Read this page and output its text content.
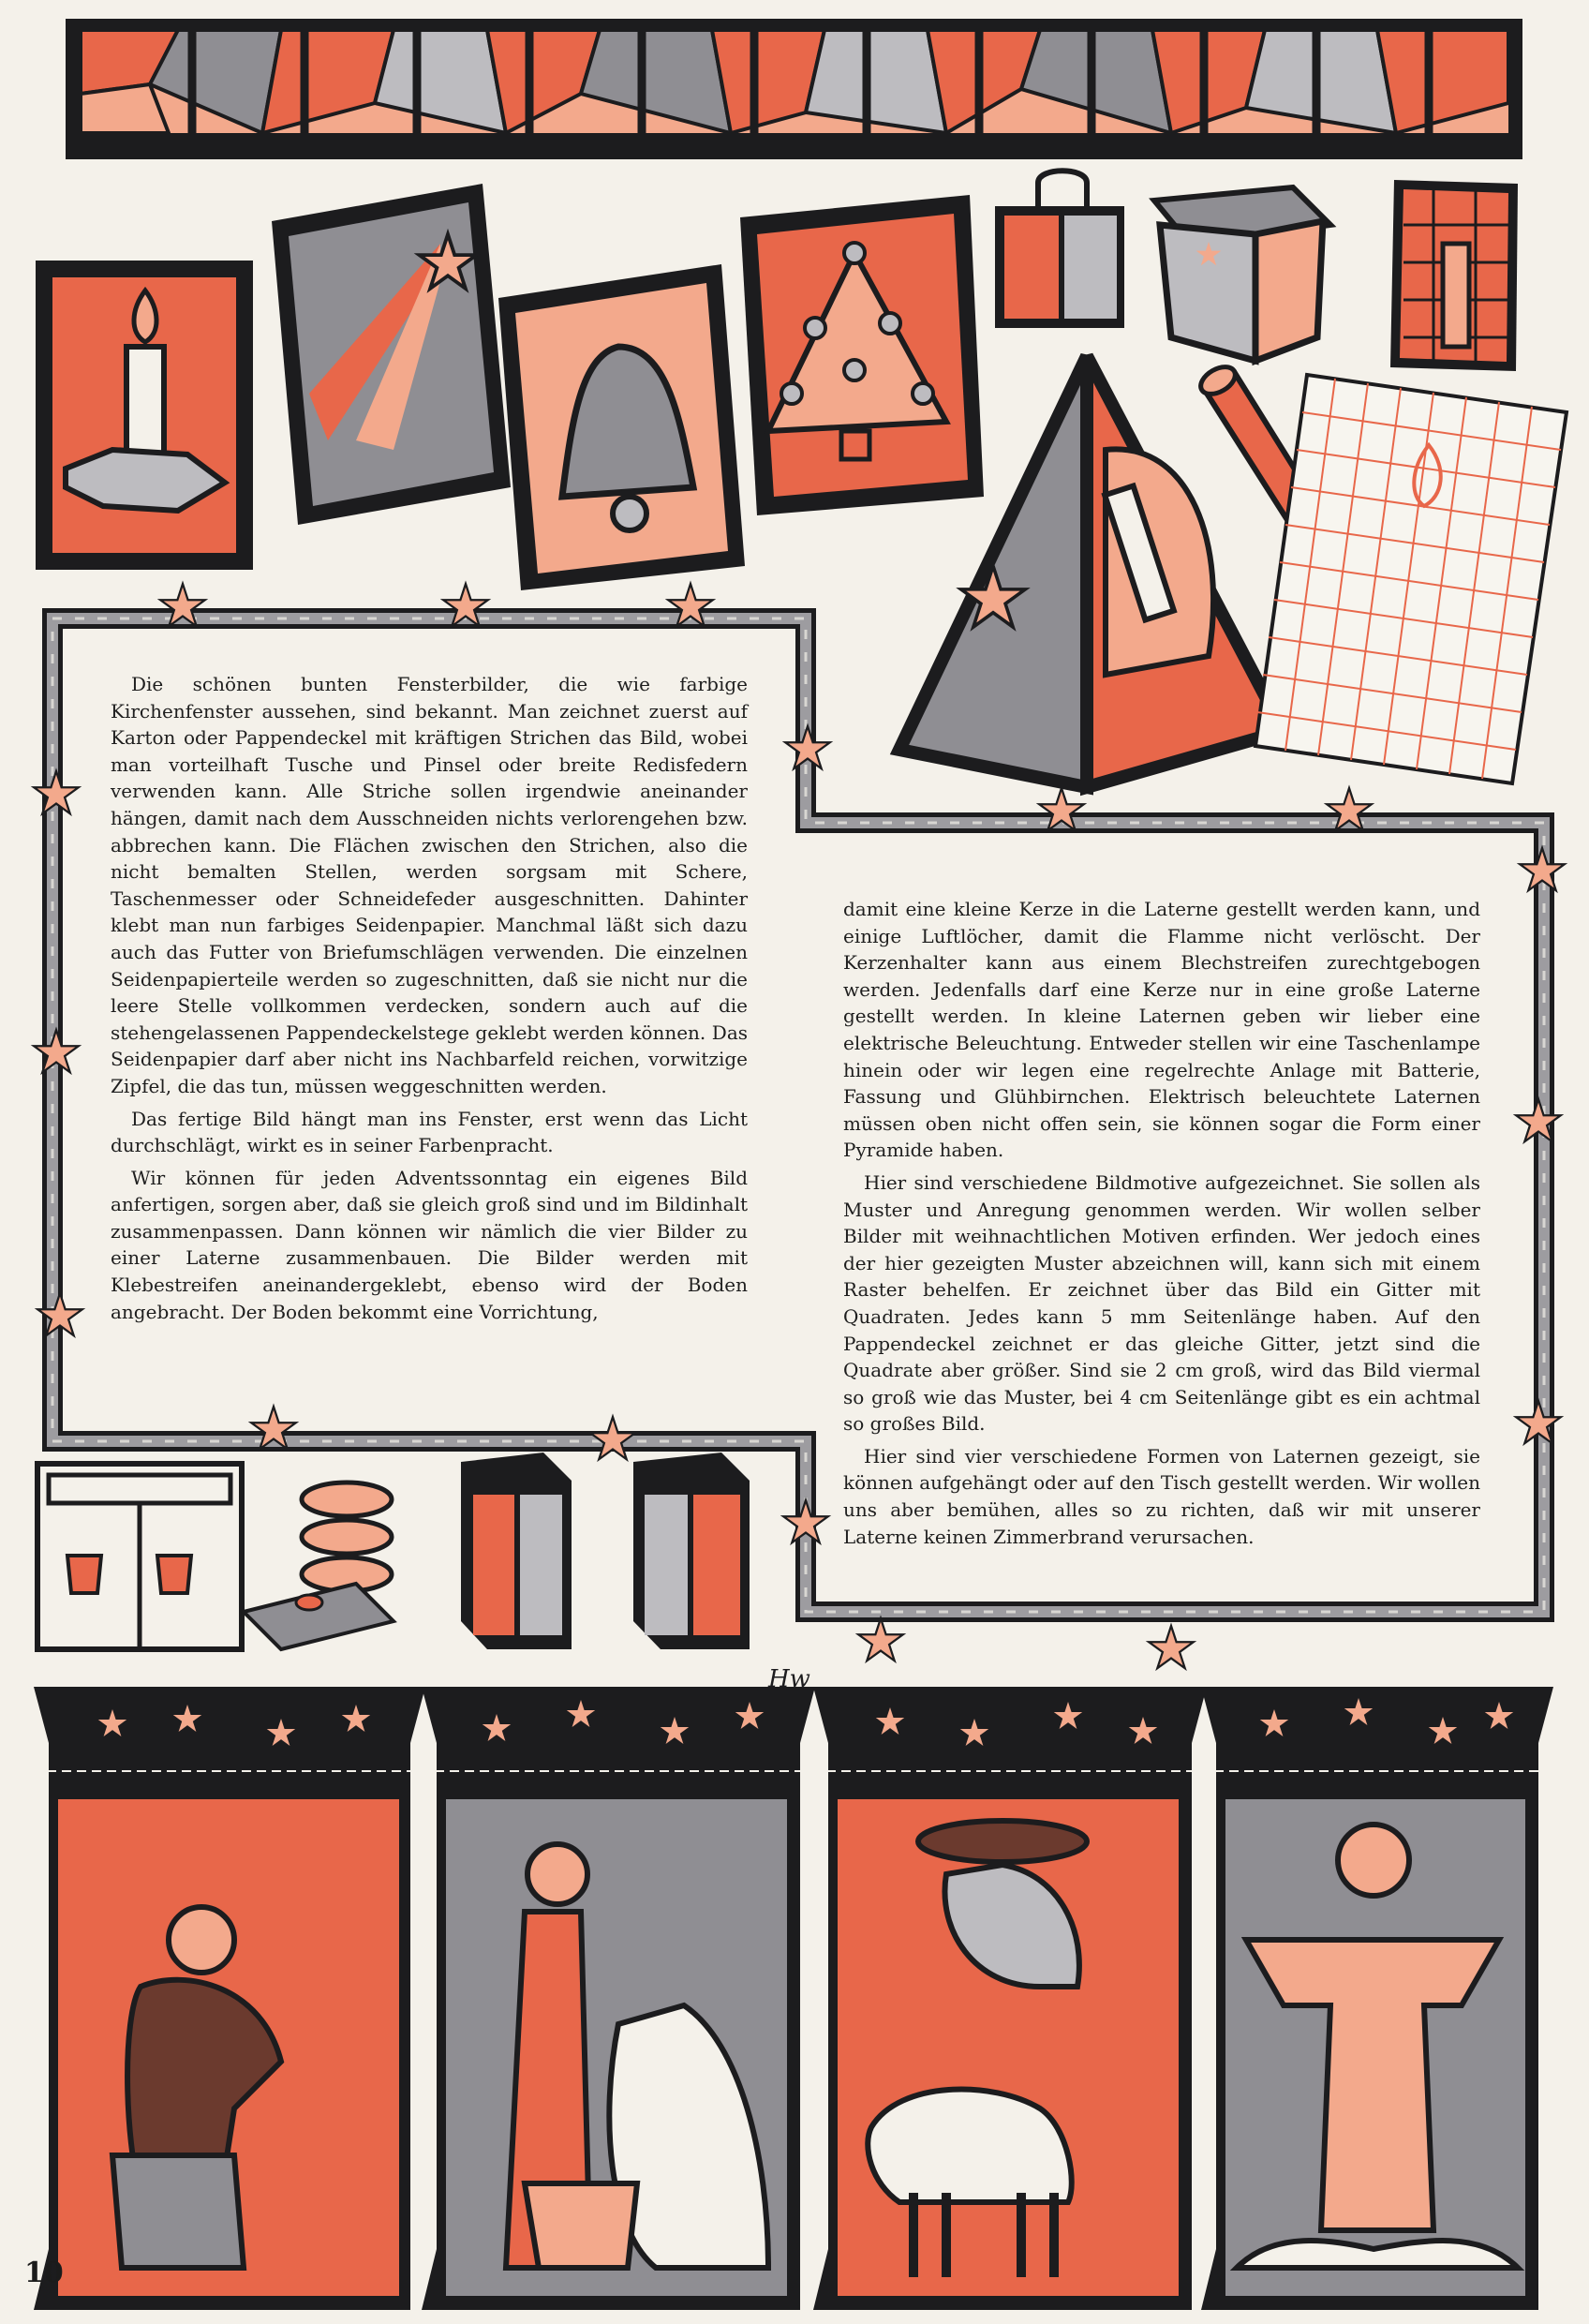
Hw

Die schönen bunten Fensterbilder, die wie farbige Kirchenfenster aussehen, sind bekannt. Man zeichnet zuerst auf Karton oder Pappendeckel mit kräftigen Strichen das Bild, wobei man vorteilhaft Tusche und Pinsel oder breite Redisfedern verwenden kann. Alle Striche sollen irgendwie aneinander hängen, damit nach dem Ausschneiden nichts verlorengehen bzw. abbrechen kann. Die Flächen zwischen den Strichen, also die nicht bemalten Stellen, werden sorgsam mit Schere, Taschenmesser oder Schneidefeder ausgeschnitten. Dahinter klebt man nun farbiges Seidenpapier. Manchmal läßt sich dazu auch das Futter von Briefumschlägen verwenden. Die einzelnen Seidenpapierteile werden so zugeschnitten, daß sie nicht nur die leere Stelle vollkommen verdecken, sondern auch auf die stehengelassenen Pappendeckelstege geklebt werden können. Das Seidenpapier darf aber nicht ins Nachbarfeld reichen, vorwitzige Zipfel, die das tun, müssen weggeschnitten werden.

Das fertige Bild hängt man ins Fenster, erst wenn das Licht durchschlägt, wirkt es in seiner Farbenpracht.

Wir können für jeden Adventssonntag ein eigenes Bild anfertigen, sorgen aber, daß sie gleich groß sind und im Bildinhalt zusammenpassen. Dann können wir nämlich die vier Bilder zu einer Laterne zusammenbauen. Die Bilder werden mit Klebestreifen aneinandergeklebt, ebenso wird der Boden angebracht. Der Boden bekommt eine Vorrichtung,

damit eine kleine Kerze in die Laterne gestellt werden kann, und einige Luftlöcher, damit die Flamme nicht verlöscht. Der Kerzenhalter kann aus einem Blechstreifen zurechtgebogen werden. Jedenfalls darf eine Kerze nur in eine große Laterne gestellt werden. In kleine Laternen geben wir lieber eine elektrische Beleuchtung. Entweder stellen wir eine Taschenlampe hinein oder wir legen eine regelrechte Anlage mit Batterie, Fassung und Glühbirnchen. Elektrisch beleuchtete Laternen müssen oben nicht offen sein, sie können sogar die Form einer Pyramide haben.

Hier sind verschiedene Bildmotive aufgezeichnet. Sie sollen als Muster und Anregung genommen werden. Wir wollen selber Bilder mit weihnachtlichen Motiven erfinden. Wer jedoch eines der hier gezeigten Muster abzeichnen will, kann sich mit einem Raster behelfen. Er zeichnet über das Bild ein Gitter mit Quadraten. Jedes kann 5 mm Seitenlänge haben. Auf den Pappendeckel zeichnet er das gleiche Gitter, jetzt sind die Quadrate aber größer. Sind sie 2 cm groß, wird das Bild viermal so groß wie das Muster, bei 4 cm Seitenlänge gibt es ein achtmal so großes Bild.

Hier sind vier verschiedene Formen von Laternen gezeigt, sie können aufgehängt oder auf den Tisch gestellt werden. Wir wollen uns aber bemühen, alles so zu richten, daß wir mit unserer Laterne keinen Zimmerbrand verursachen.

10
